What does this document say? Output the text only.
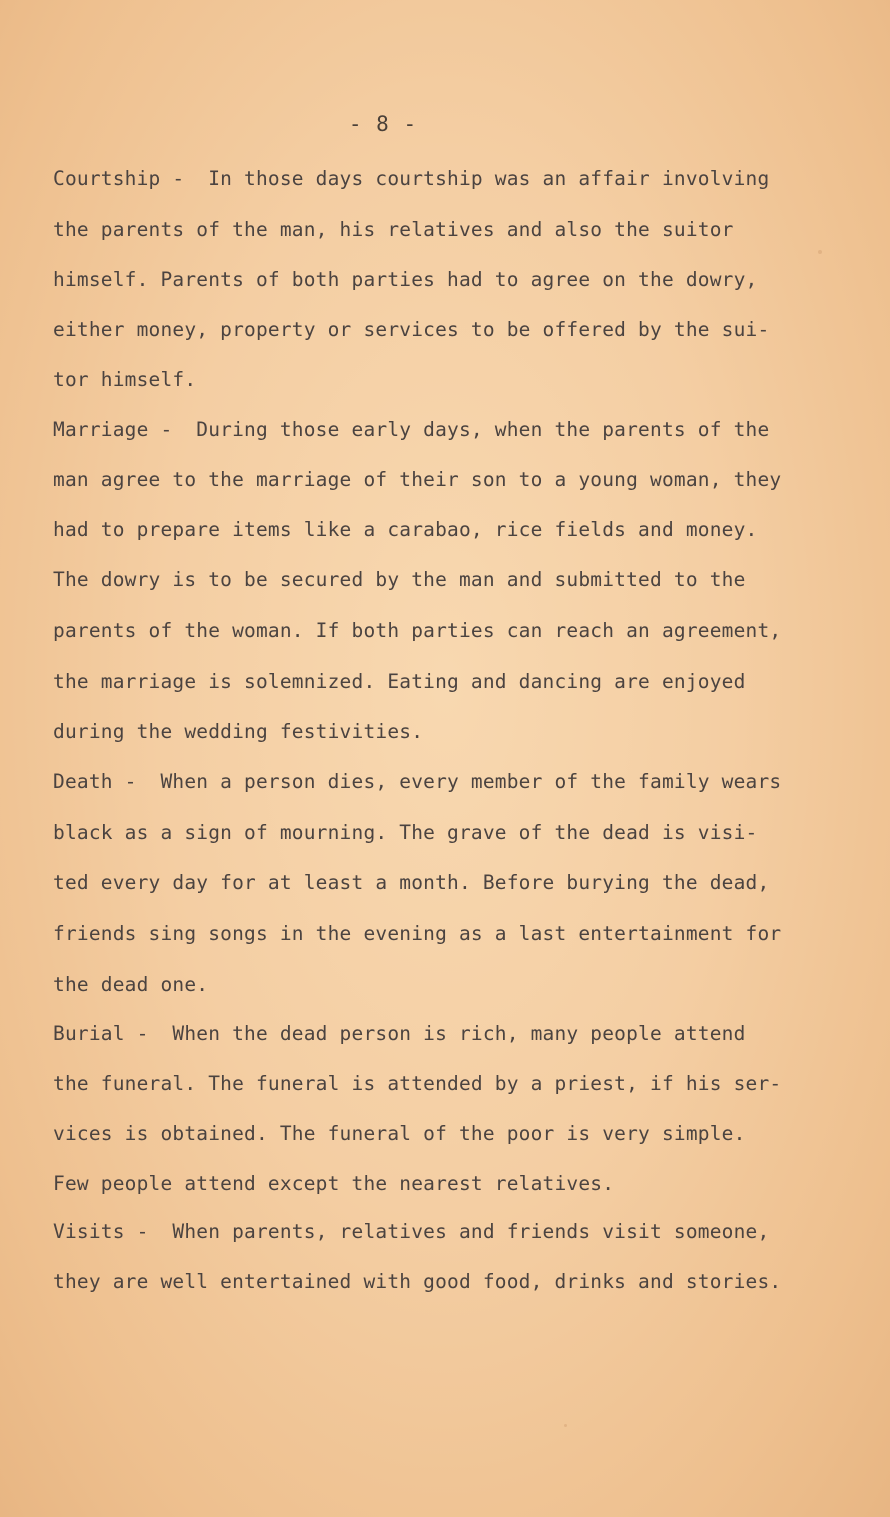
- 8 -
Courtship -  In those days courtship was an affair involving
the parents of the man, his relatives and also the suitor
himself. Parents of both parties had to agree on the dowry,
either money, property or services to be offered by the sui-
tor himself.
Marriage -  During those early days, when the parents of the
man agree to the marriage of their son to a young woman, they
had to prepare items like a carabao, rice fields and money.
The dowry is to be secured by the man and submitted to the
parents of the woman. If both parties can reach an agreement,
the marriage is solemnized. Eating and dancing are enjoyed
during the wedding festivities.
Death -  When a person dies, every member of the family wears
black as a sign of mourning. The grave of the dead is visi-
ted every day for at least a month. Before burying the dead,
friends sing songs in the evening as a last entertainment for
the dead one.
Burial -  When the dead person is rich, many people attend
the funeral. The funeral is attended by a priest, if his ser-
vices is obtained. The funeral of the poor is very simple.
Few people attend except the nearest relatives.
Visits -  When parents, relatives and friends visit someone,
they are well entertained with good food, drinks and stories.
